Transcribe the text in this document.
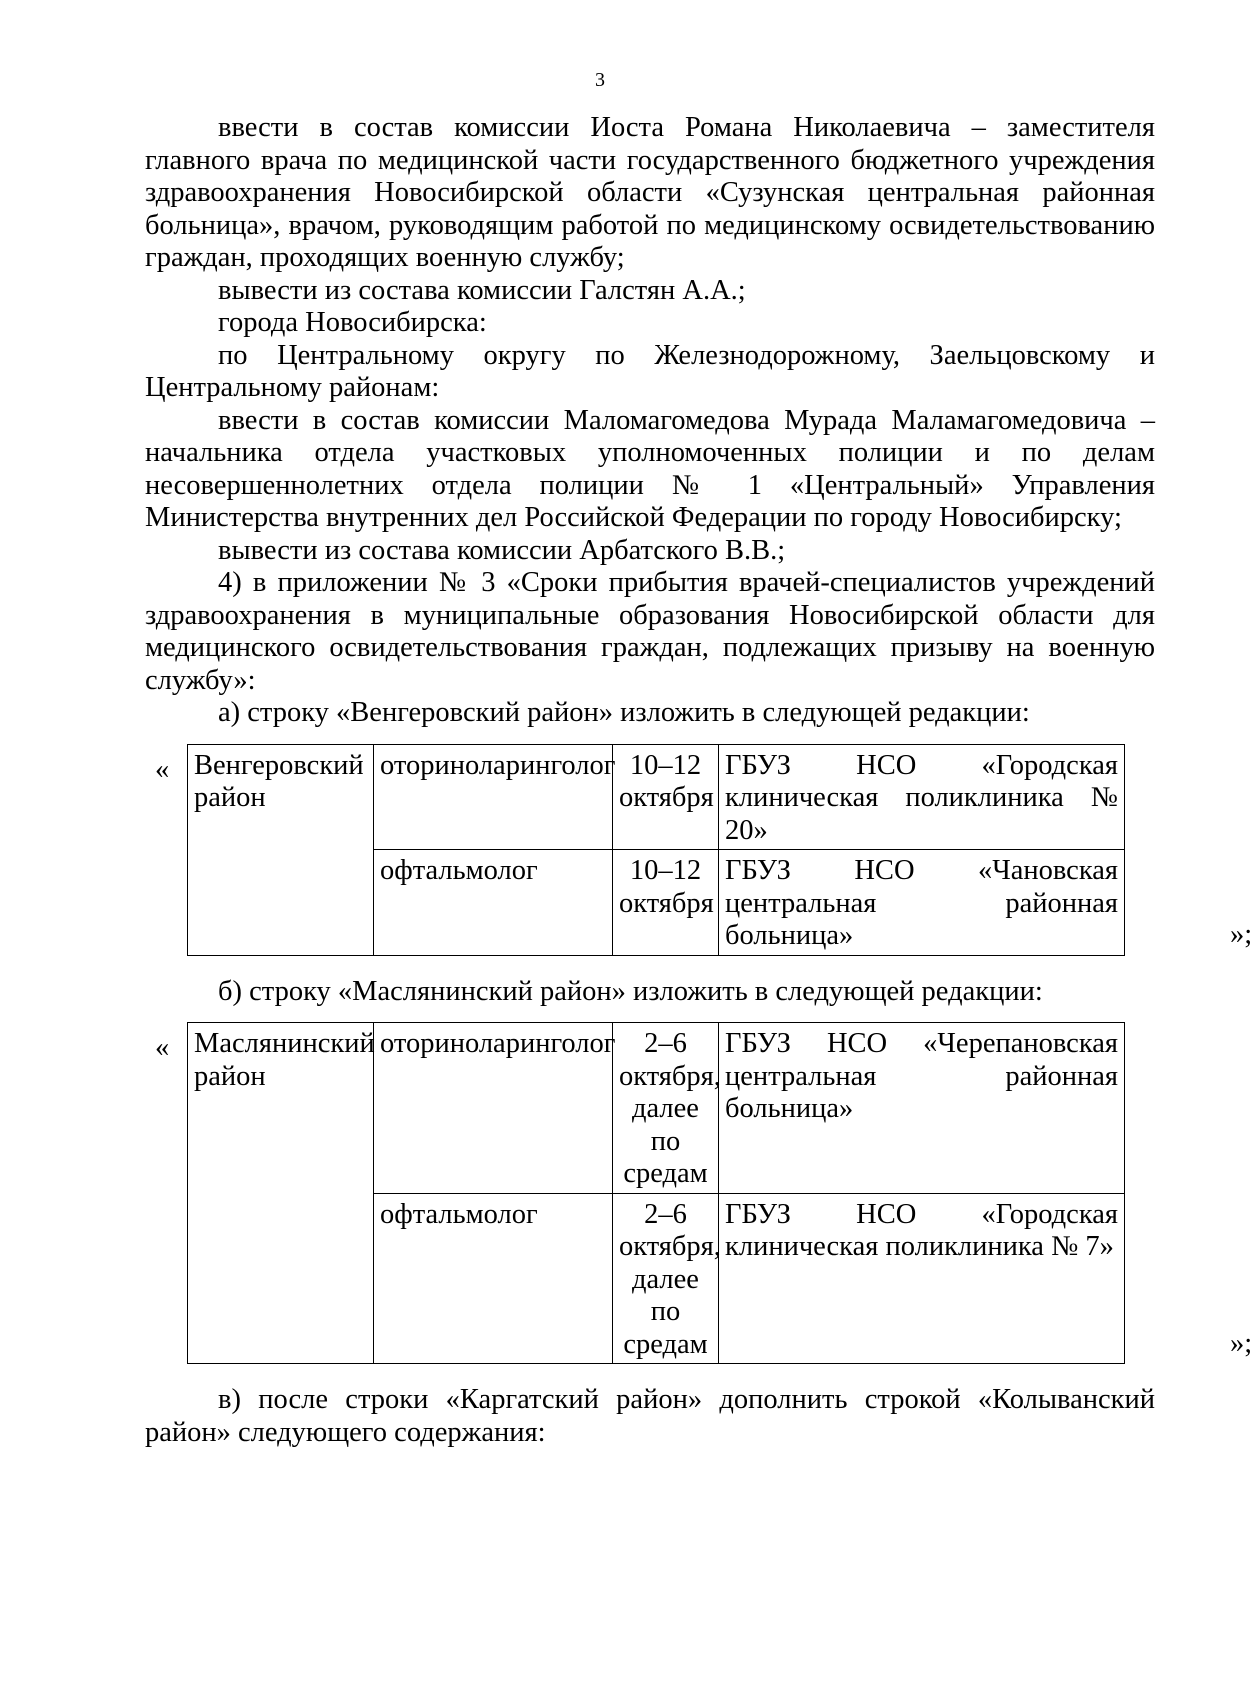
3

ввести в состав комиссии Иоста Романа Николаевича – заместителя главного врача по медицинской части государственного бюджетного учреждения здравоохранения Новосибирской области «Сузунская центральная районная больница», врачом, руководящим работой по медицинскому освидетельствованию граждан, проходящих военную службу;

вывести из состава комиссии Галстян А.А.;

города Новосибирска:

по Центральному округу по Железнодорожному, Заельцовскому и Центральному районам:

ввести в состав комиссии Маломагомедова Мурада Маламагомедовича – начальника отдела участковых уполномоченных полиции и по делам несовершеннолетних отдела полиции № 1 «Центральный» Управления Министерства внутренних дел Российской Федерации по городу Новосибирску;

вывести из состава комиссии Арбатского В.В.;

4) в приложении № 3 «Сроки прибытия врачей-специалистов учреждений здравоохранения в муниципальные образования Новосибирской области для медицинского освидетельствования граждан, подлежащих призыву на военную службу»:

а) строку «Венгеровский район» изложить в следующей редакции:

« Венгеровский район	оториноларинголог	10–12 октября	ГБУЗ НСО «Городская клиническая поликлиника № 20»
	офтальмолог	10–12 октября	ГБУЗ НСО «Чановская центральная районная больница»	»;

б) строку «Маслянинский район» изложить в следующей редакции:

« Маслянинский район	оториноларинголог	2–6 октября, далее по средам	ГБУЗ НСО «Черепановская центральная районная больница»
	офтальмолог	2–6 октября, далее по средам	ГБУЗ НСО «Городская клиническая поликлиника № 7»
»;

в) после строки «Каргатский район» дополнить строкой «Колыванский район» следующего содержания:
